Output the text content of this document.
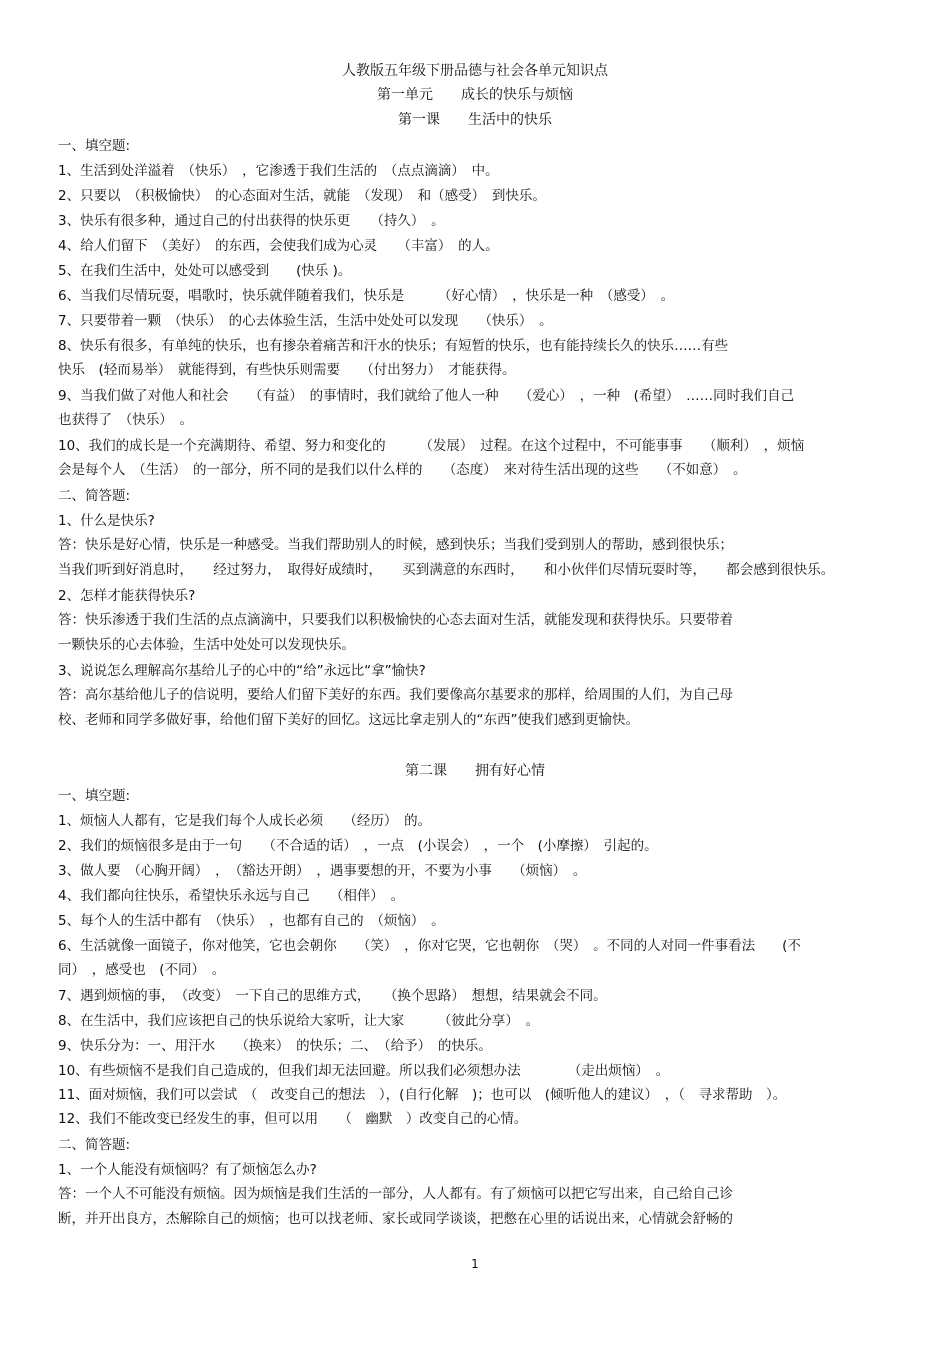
人教版五年级下册品德与社会各单元知识点
第一单元　　成长的快乐与烦恼
第一课　　生活中的快乐
一、填空题:
1、生活到处洋溢着　（快乐）　，它渗透于我们生活的　（点点滴滴）　中。
2、只要以　（积极愉快）　的心态面对生活，就能　（发现）　和（感受）　到快乐。
3、快乐有很多种，通过自己的付出获得的快乐更　　（持久）　。
4、给人们留下　（美好）　的东西，会使我们成为心灵　　（丰富）　的人。
5、在我们生活中，处处可以感受到　　(快乐 )。
6、当我们尽情玩耍，唱歌时，快乐就伴随着我们，快乐是　　　（好心情）　，快乐是一种　（感受）　。
7、只要带着一颗　（快乐）　的心去体验生活，生活中处处可以发现　　（快乐）　。
8、快乐有很多，有单纯的快乐，也有掺杂着痛苦和汗水的快乐；有短暂的快乐，也有能持续长久的快乐……有些
快乐　(轻而易举）　就能得到，有些快乐则需要　　（付出努力）　才能获得。
9、当我们做了对他人和社会　　（有益）　的事情时，我们就给了他人一种　　（爱心）　，一种　(希望）　……同时我们自己
也获得了　（快乐）　。
10、我们的成长是一个充满期待、希望、努力和变化的　　　（发展）　过程。在这个过程中，不可能事事　　（顺利）　，烦恼
会是每个人　（生活）　的一部分，所不同的是我们以什么样的　　（态度）　来对待生活出现的这些　　（不如意）　。
二、简答题:
1、什么是快乐?
答：快乐是好心情，快乐是一种感受。当我们帮助别人的时候，感到快乐；当我们受到别人的帮助，感到很快乐；
当我们听到好消息时，　　经过努力，　取得好成绩时，　　买到满意的东西时，　　和小伙伴们尽情玩耍时等，　　都会感到很快乐。
2、怎样才能获得快乐?
答：快乐渗透于我们生活的点点滴滴中，只要我们以积极愉快的心态去面对生活，就能发现和获得快乐。只要带着
一颗快乐的心去体验，生活中处处可以发现快乐。
3、说说怎么理解高尔基给儿子的心中的“给”永远比“拿”愉快?
答：高尔基给他儿子的信说明，要给人们留下美好的东西。我们要像高尔基要求的那样，给周围的人们，为自己母
校、老师和同学多做好事，给他们留下美好的回忆。这远比拿走别人的“东西”使我们感到更愉快。
第二课　　拥有好心情
一、填空题:
1、烦恼人人都有，它是我们每个人成长必须　　（经历）　的。
2、我们的烦恼很多是由于一句　　（不合适的话）　，一点　(小误会）　，一个　(小摩擦）　引起的。
3、做人要　（心胸开阔）　，　（豁达开朗）　，遇事要想的开，不要为小事　　（烦恼）　。
4、我们都向往快乐，希望快乐永远与自己　　（相伴）　。
5、每个人的生活中都有　（快乐）　，也都有自己的　（烦恼）　。
6、生活就像一面镜子，你对他笑，它也会朝你　　（笑）　，你对它哭，它也朝你　（哭）　。不同的人对同一件事看法　　(不
同）　，感受也　(不同）　。
7、遇到烦恼的事，　（改变）　一下自己的思维方式，　　（换个思路）　想想，结果就会不同。
8、在生活中，我们应该把自己的快乐说给大家听，让大家　　　（彼此分享）　。
9、快乐分为：一、用汗水　　（换来）　的快乐；二、　（给予）　的快乐。
10、有些烦恼不是我们自己造成的，但我们却无法回避。所以我们必须想办法　　　　（走出烦恼）　。
11、面对烦恼，我们可以尝试　（　改变自己的想法　），(自行化解　)；也可以　(倾听他人的建议）　，（　寻求帮助　）。
12、我们不能改变已经发生的事，但可以用　　（　幽默　）改变自己的心情。
二、简答题:
1、一个人能没有烦恼吗？有了烦恼怎么办?
答：一个人不可能没有烦恼。因为烦恼是我们生活的一部分，人人都有。有了烦恼可以把它写出来，自己给自己诊
断，并开出良方，杰解除自己的烦恼；也可以找老师、家长或同学谈谈，把憋在心里的话说出来，心情就会舒畅的
1
